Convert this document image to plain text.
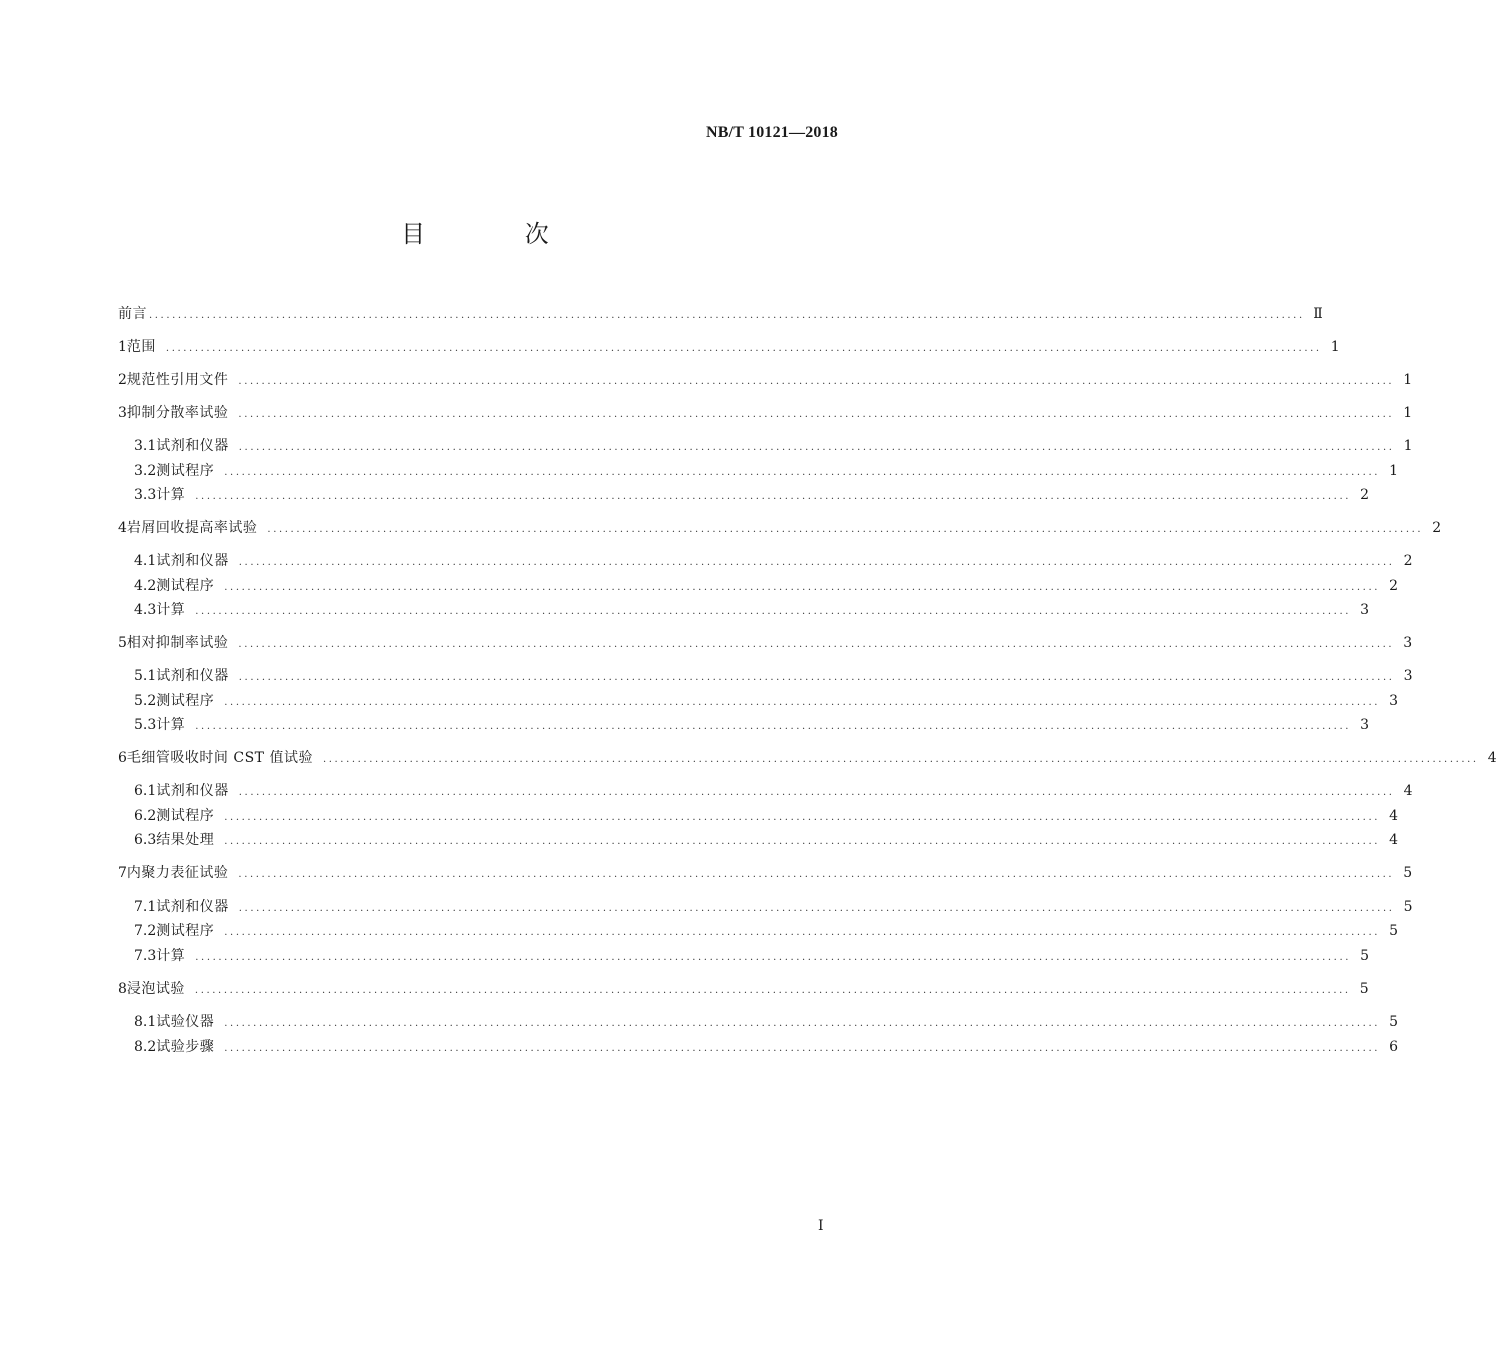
NB/T 10121—2018
目 次
前言 ........................................................................................................................................................................................................ Ⅱ
1 范围 ........................................................................................................................................................................................................ 1
2 规范性引用文件 ........................................................................................................................................................................................................ 1
3 抑制分散率试验 ........................................................................................................................................................................................................ 1
3.1 试剂和仪器 ........................................................................................................................................................................................................ 1
3.2 测试程序 ........................................................................................................................................................................................................ 1
3.3 计算 ........................................................................................................................................................................................................ 2
4 岩屑回收提高率试验 ........................................................................................................................................................................................................ 2
4.1 试剂和仪器 ........................................................................................................................................................................................................ 2
4.2 测试程序 ........................................................................................................................................................................................................ 2
4.3 计算 ........................................................................................................................................................................................................ 3
5 相对抑制率试验 ........................................................................................................................................................................................................ 3
5.1 试剂和仪器 ........................................................................................................................................................................................................ 3
5.2 测试程序 ........................................................................................................................................................................................................ 3
5.3 计算 ........................................................................................................................................................................................................ 3
6 毛细管吸收时间 CST 值试验 ........................................................................................................................................................................................................ 4
6.1 试剂和仪器 ........................................................................................................................................................................................................ 4
6.2 测试程序 ........................................................................................................................................................................................................ 4
6.3 结果处理 ........................................................................................................................................................................................................ 4
7 内聚力表征试验 ........................................................................................................................................................................................................ 5
7.1 试剂和仪器 ........................................................................................................................................................................................................ 5
7.2 测试程序 ........................................................................................................................................................................................................ 5
7.3 计算 ........................................................................................................................................................................................................ 5
8 浸泡试验 ........................................................................................................................................................................................................ 5
8.1 试验仪器 ........................................................................................................................................................................................................ 5
8.2 试验步骤 ........................................................................................................................................................................................................ 6
Ⅰ
